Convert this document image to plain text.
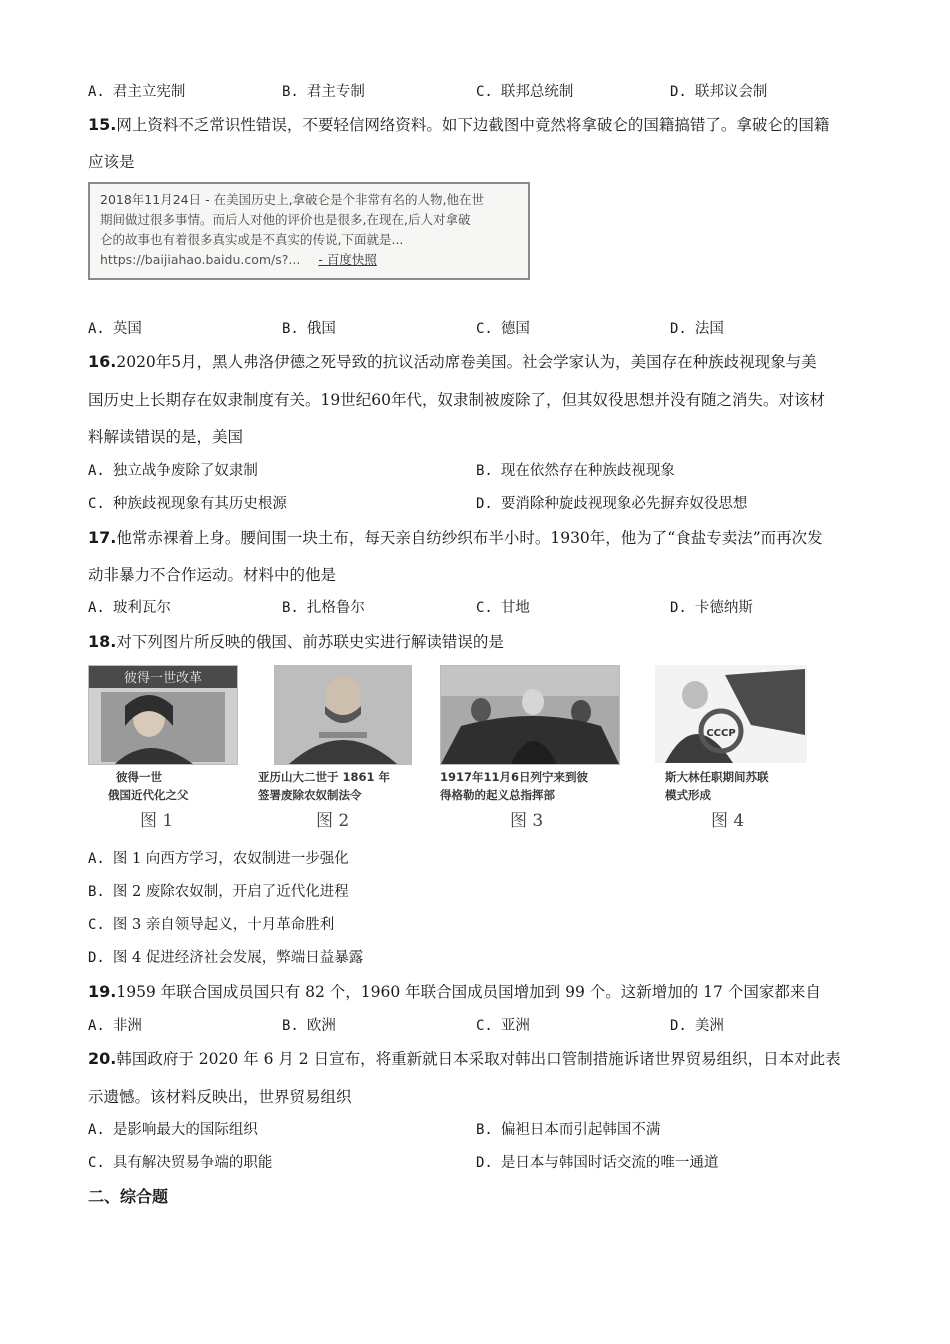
A. 君主立宪制	B. 君主专制	C. 联邦总统制	D. 联邦议会制
15.网上资料不乏常识性错误，不要轻信网络资料。如下边截图中竟然将拿破仑的国籍搞错了。拿破仑的国籍
应该是
2018年11月24日 - 在美国历史上,拿破仑是个非常有名的人物,他在世
期间做过很多事情。而后人对他的评价也是很多,在现在,后人对拿破
仑的故事也有着很多真实或是不真实的传说,下面就是...
https://baijiahao.baidu.com/s?... - 百度快照
A. 英国	B. 俄国	C. 德国	D. 法国
16.2020年5月，黑人弗洛伊德之死导致的抗议活动席卷美国。社会学家认为，美国存在种族歧视现象与美
国历史上长期存在奴隶制度有关。19世纪60年代，奴隶制被废除了，但其奴役思想并没有随之消失。对该材
料解读错误的是，美国
A. 独立战争废除了奴隶制	B. 现在依然存在种族歧视现象
C. 种族歧视现象有其历史根源	D. 要消除种旋歧视现象必先摒弃奴役思想
17.他常赤裸着上身。腰间围一块土布，每天亲自纺纱织布半小时。1930年，他为了“食盐专卖法”而再次发
动非暴力不合作运动。材料中的他是
A. 玻利瓦尔	B. 扎格鲁尔	C. 甘地	D. 卡德纳斯
18.对下列图片所反映的俄国、前苏联史实进行解读错误的是
彼得一世改革
彼得一世
俄国近代化之父
图 1
亚历山大二世于 1861 年
签署废除农奴制法令
图 2
1917年11月6日列宁来到彼
得格勒的起义总指挥部
图 3
CCCP
斯大林任职期间苏联
模式形成
图 4
A. 图 1 向西方学习，农奴制进一步强化
B. 图 2 废除农奴制，开启了近代化进程
C. 图 3 亲自领导起义，十月革命胜利
D. 图 4 促进经济社会发展，弊端日益暴露
19.1959 年联合国成员国只有 82 个，1960 年联合国成员国增加到 99 个。这新增加的 17 个国家都来自
A. 非洲	B. 欧洲	C. 亚洲	D. 美洲
20.韩国政府于 2020 年 6 月 2 日宣布，将重新就日本采取对韩出口管制措施诉诸世界贸易组织，日本对此表
示遗憾。该材料反映出，世界贸易组织
A. 是影响最大的国际组织	B. 偏袒日本而引起韩国不满
C. 具有解决贸易争端的职能	D. 是日本与韩国时话交流的唯一通道
二、综合题
